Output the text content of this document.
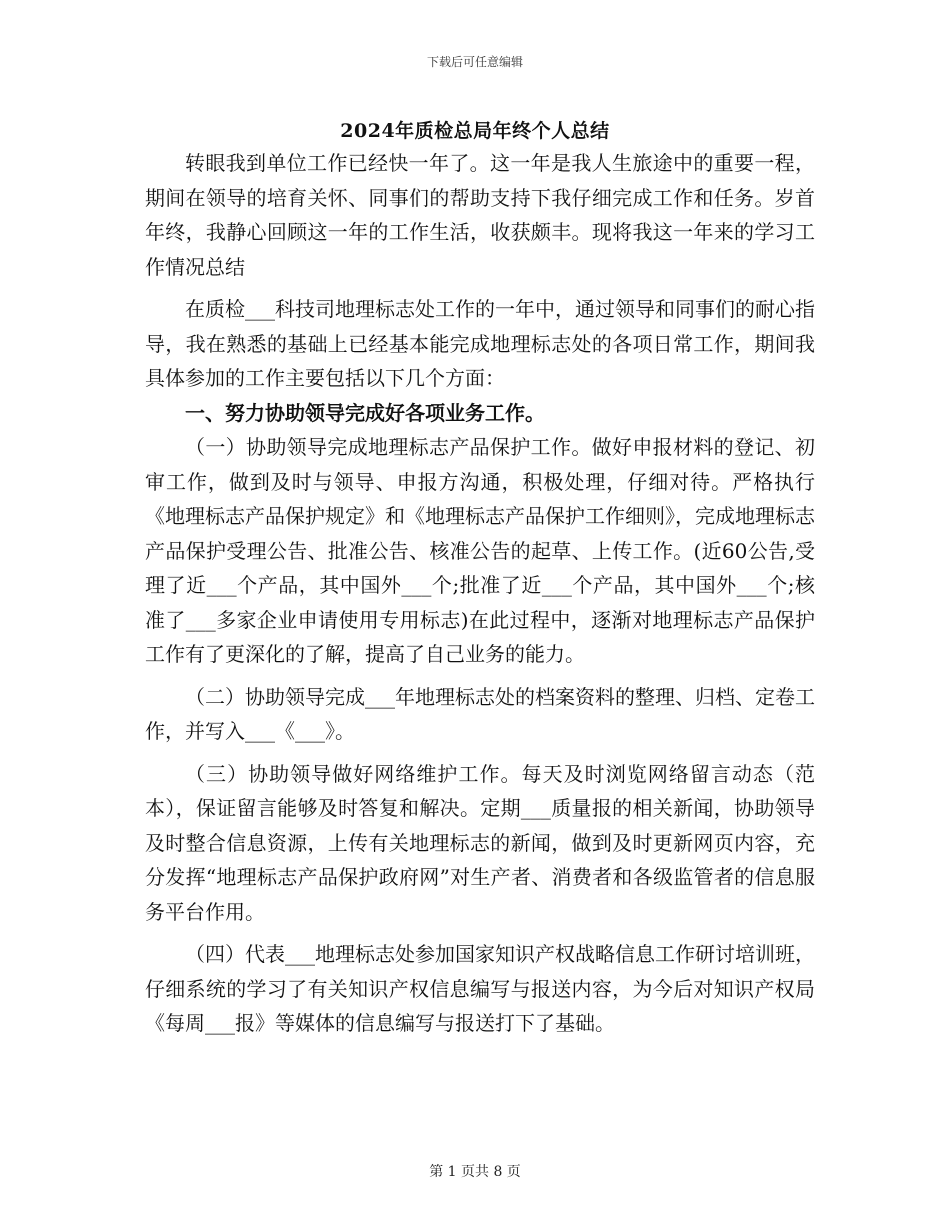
下载后可任意编辑
2024年质检总局年终个人总结

转眼我到单位工作已经快一年了。这一年是我人生旅途中的重要一程，期间在领导的培育关怀、同事们的帮助支持下我仔细完成工作和任务。岁首年终，我静心回顾这一年的工作生活，收获颇丰。现将我这一年来的学习工作情况总结

在质检___科技司地理标志处工作的一年中，通过领导和同事们的耐心指导，我在熟悉的基础上已经基本能完成地理标志处的各项日常工作，期间我具体参加的工作主要包括以下几个方面：

一、努力协助领导完成好各项业务工作。

（一）协助领导完成地理标志产品保护工作。做好申报材料的登记、初审工作，做到及时与领导、申报方沟通，积极处理，仔细对待。严格执行《地理标志产品保护规定》和《地理标志产品保护工作细则》，完成地理标志产品保护受理公告、批准公告、核准公告的起草、上传工作。(近60公告,受理了近___个产品，其中国外___个;批准了近___个产品，其中国外___个;核准了___多家企业申请使用专用标志)在此过程中，逐渐对地理标志产品保护工作有了更深化的了解，提高了自己业务的能力。

（二）协助领导完成___年地理标志处的档案资料的整理、归档、定卷工作，并写入___《___》。

（三）协助领导做好网络维护工作。每天及时浏览网络留言动态（范本），保证留言能够及时答复和解决。定期___质量报的相关新闻，协助领导及时整合信息资源，上传有关地理标志的新闻，做到及时更新网页内容，充分发挥“地理标志产品保护政府网”对生产者、消费者和各级监管者的信息服务平台作用。

（四）代表___地理标志处参加国家知识产权战略信息工作研讨培训班，仔细系统的学习了有关知识产权信息编写与报送内容，为今后对知识产权局《每周___报》等媒体的信息编写与报送打下了基础。

第 1 页共 8 页
